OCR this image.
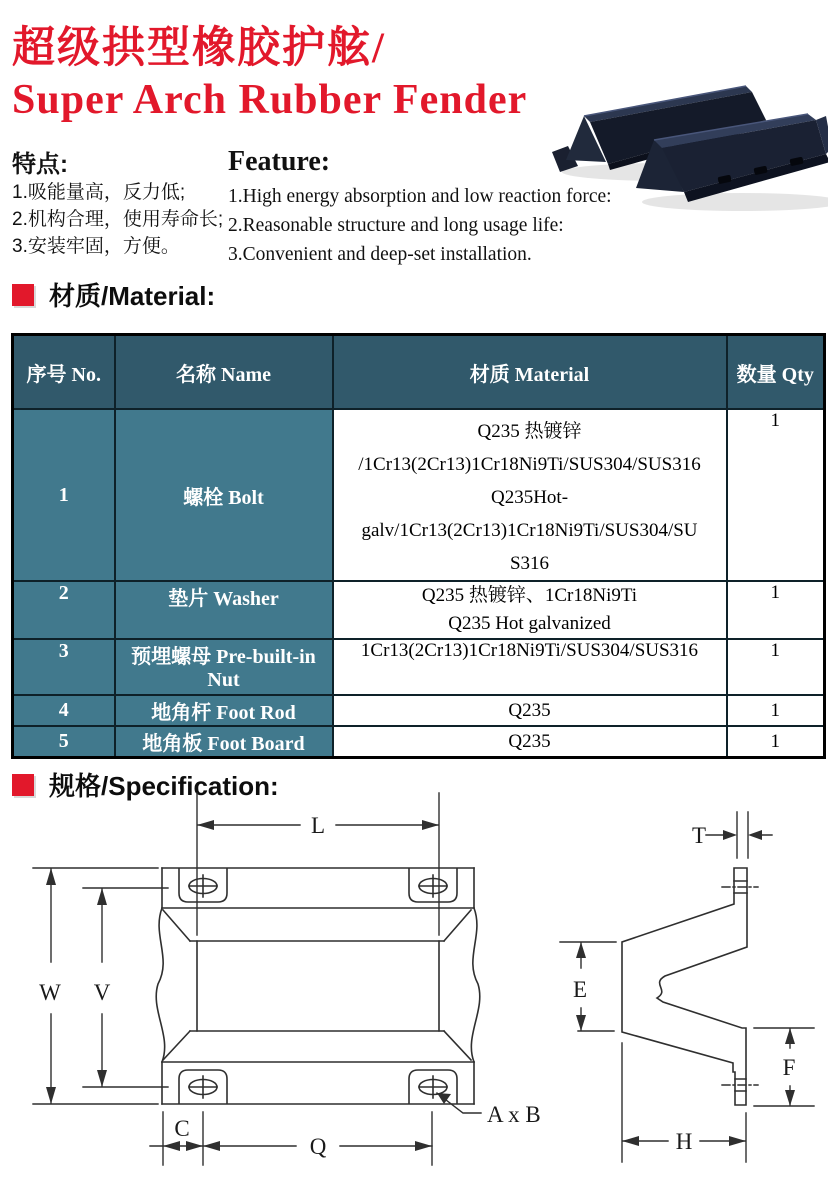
超级拱型橡胶护舷/
Super Arch Rubber Fender
特点:
1.吸能量高，反力低;
2.机构合理，使用寿命长;
3.安装牢固，方便。
Feature:
1.High energy absorption and low reaction force:
2.Reasonable structure and long usage life:
3.Convenient and deep-set installation.
材质/Material:
序号 No.	名称 Name	材质 Material	数量 Qty
1	螺栓 Bolt	Q235 热镀锌
/1Cr13(2Cr13)1Cr18Ni9Ti/SUS304/SUS316
Q235Hot-galv/1Cr13(2Cr13)1Cr18Ni9Ti/SUS304/SU
S316	1
2	垫片 Washer	Q235 热镀锌、1Cr18Ni9Ti
Q235 Hot galvanized	1
3	预埋螺母 Pre-built-in Nut	1Cr13(2Cr13)1Cr18Ni9Ti/SUS304/SUS316	1
4	地角杆 Foot Rod	Q235	1
5	地角板 Foot Board	Q235	1
规格/Specification:
L
W V
C
Q
A x B
T
E
F
H
